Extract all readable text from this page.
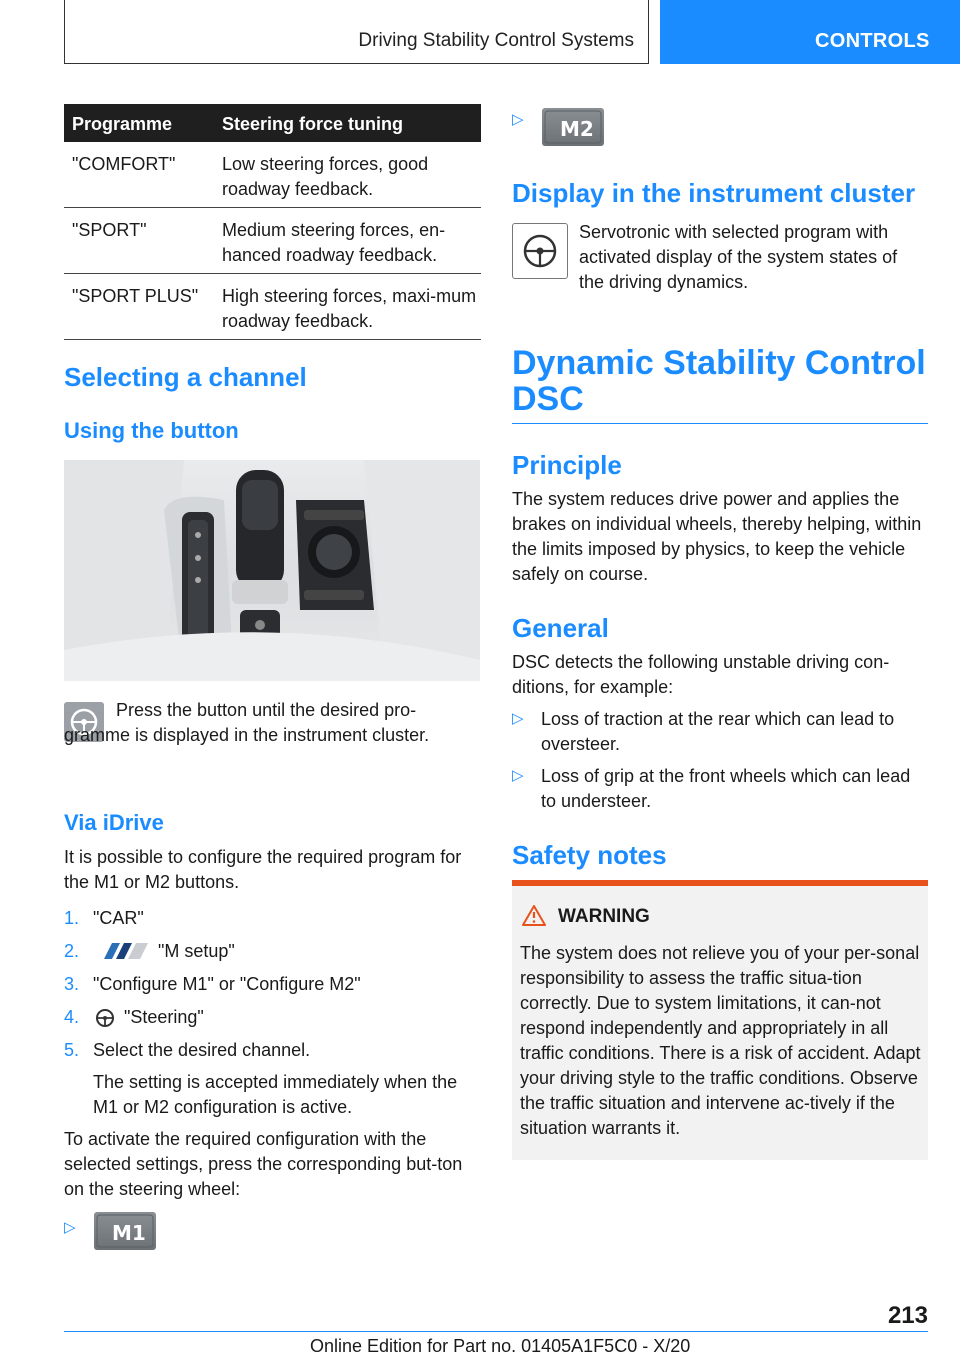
Driving Stability Control Systems	CONTROLS
Programme	Steering force tuning
"COMFORT"	Low steering forces, good roadway feedback.
"SPORT"	Medium steering forces, en-hanced roadway feedback.
"SPORT PLUS" High steering forces, maxi-mum roadway feedback.
Selecting a channel
Using the button
Press the button until the desired pro-gramme is displayed in the instrument cluster.
Via iDrive
It is possible to configure the required program for the M1 or M2 buttons.
1. "CAR"
2.	"M setup"
3. "Configure M1" or "Configure M2"
4. "Steering"
5. Select the desired channel.
The setting is accepted immediately when the M1 or M2 configuration is active.
To activate the required configuration with the selected settings, press the corresponding but-ton on the steering wheel:
▷ M1
▷ M2
Display in the instrument cluster
Servotronic with selected program with activated display of the system states of the driving dynamics.
Dynamic Stability Control DSC
Principle
The system reduces drive power and applies the brakes on individual wheels, thereby helping, within the limits imposed by physics, to keep the vehicle safely on course.
General
DSC detects the following unstable driving con-ditions, for example:
▷ Loss of traction at the rear which can lead to oversteer.
▷ Loss of grip at the front wheels which can lead to understeer.
Safety notes
WARNING
The system does not relieve you of your per-sonal responsibility to assess the traffic situa-tion correctly. Due to system limitations, it can-not respond independently and appropriately in all traffic conditions. There is a risk of accident. Adapt your driving style to the traffic conditions. Observe the traffic situation and intervene ac-tively if the situation warrants it.
213
Online Edition for Part no. 01405A1F5C0 - X/20
